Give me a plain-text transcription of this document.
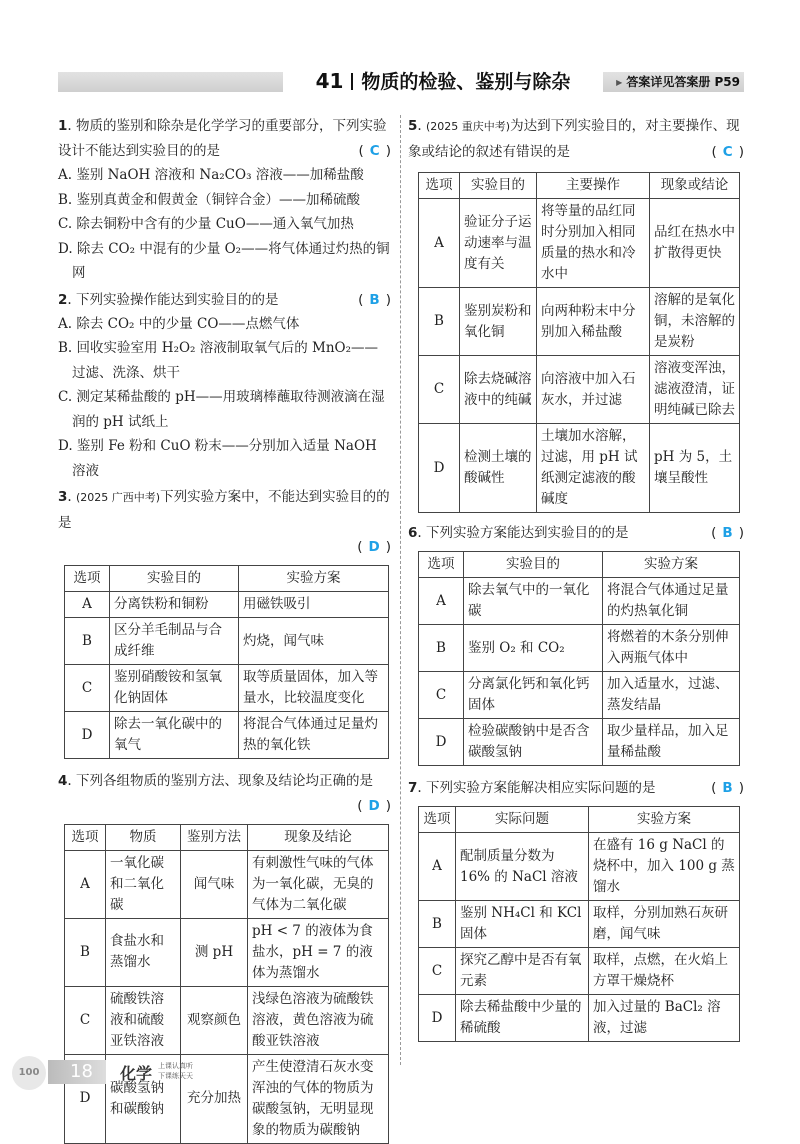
41 物质的检验、鉴别与除杂	▶ 答案详见答案册 P59
1. 物质的鉴别和除杂是化学学习的重要部分，下列实验设计不能达到实验目的的是	( C )
A. 鉴别 NaOH 溶液和 Na₂CO₃ 溶液——加稀盐酸
B. 鉴别真黄金和假黄金（铜锌合金）——加稀硫酸
C. 除去铜粉中含有的少量 CuO——通入氧气加热
D. 除去 CO₂ 中混有的少量 O₂——将气体通过灼热的铜网
2. 下列实验操作能达到实验目的的是	( B )
A. 除去 CO₂ 中的少量 CO——点燃气体
B. 回收实验室用 H₂O₂ 溶液制取氧气后的 MnO₂——过滤、洗涤、烘干
C. 测定某稀盐酸的 pH——用玻璃棒蘸取待测液滴在湿润的 pH 试纸上
D. 鉴别 Fe 粉和 CuO 粉末——分别加入适量 NaOH 溶液
3. (2025 广西中考)下列实验方案中，不能达到实验目的的是
( D )
选项	实验目的	实验方案
A	分离铁粉和铜粉	用磁铁吸引
B	区分羊毛制品与合成纤维	灼烧，闻气味
C	鉴别硝酸铵和氢氧化钠固体	取等质量固体，加入等量水，比较温度变化
D	除去一氧化碳中的氧气	将混合气体通过足量灼热的氧化铁
4. 下列各组物质的鉴别方法、现象及结论均正确的是
( D )
选项	物质	鉴别方法	现象及结论
A	一氧化碳和二氧化碳	闻气味	有刺激性气味的气体为一氧化碳，无臭的气体为二氧化碳
B	食盐水和蒸馏水	测 pH	pH < 7 的液体为食盐水，pH = 7 的液体为蒸馏水
C	硫酸铁溶液和硫酸亚铁溶液	观察颜色	浅绿色溶液为硫酸铁溶液，黄色溶液为硫酸亚铁溶液
D	碳酸氢钠和碳酸钠	充分加热	产生使澄清石灰水变浑浊的气体的物质为碳酸氢钠，无明显现象的物质为碳酸钠
5. (2025 重庆中考)为达到下列实验目的，对主要操作、现象或结论的叙述有错误的是	( C )
选项	实验目的	主要操作	现象或结论
A	验证分子运动速率与温度有关	将等量的品红同时分别加入相同质量的热水和冷水中	品红在热水中扩散得更快
B	鉴别炭粉和氧化铜	向两种粉末中分别加入稀盐酸	溶解的是氧化铜，未溶解的是炭粉
C	除去烧碱溶液中的纯碱	向溶液中加入石灰水，并过滤	溶液变浑浊，滤液澄清，证明纯碱已除去
D	检测土壤的酸碱性	土壤加水溶解，过滤，用 pH 试纸测定滤液的酸碱度	pH 为 5，土壤呈酸性
6. 下列实验方案能达到实验目的的是	( B )
选项	实验目的	实验方案
A	除去氧气中的一氧化碳	将混合气体通过足量的灼热氧化铜
B	鉴别 O₂ 和 CO₂	将燃着的木条分别伸入两瓶气体中
C	分离氯化钙和氧化钙固体	加入适量水，过滤、蒸发结晶
D	检验碳酸钠中是否含碳酸氢钠	取少量样品，加入足量稀盐酸
7. 下列实验方案能解决相应实际问题的是	( B )
选项	实际问题	实验方案
A	配制质量分数为 16% 的 NaCl 溶液	在盛有 16 g NaCl 的烧杯中，加入 100 g 蒸馏水
B	鉴别 NH₄Cl 和 KCl 固体	取样，分别加熟石灰研磨，闻气味
C	探究乙醇中是否有氧元素	取样，点燃，在火焰上方罩干燥烧杯
D	除去稀盐酸中少量的稀硫酸	加入过量的 BaCl₂ 溶液，过滤
100	18	化学 上课认真听
下课练天天
